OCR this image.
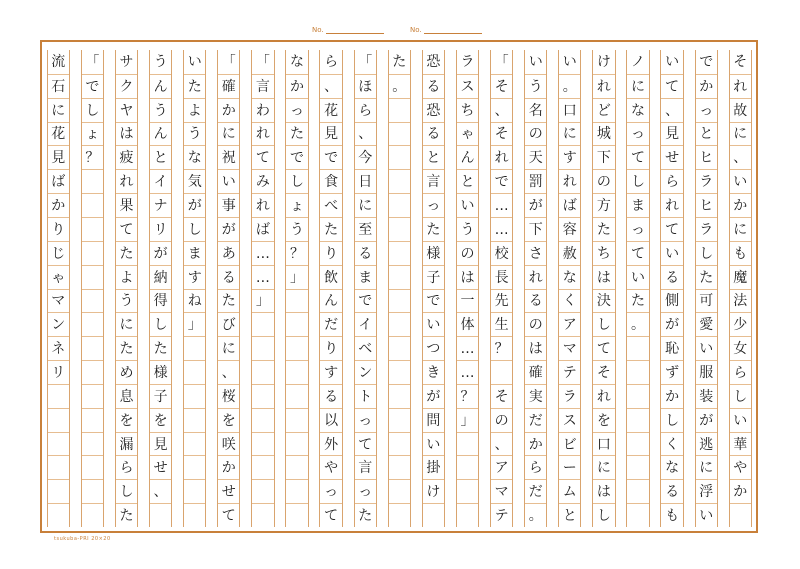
No.	No.
そ
れ
故
に
、
い
か
に
も
魔
法
少
女
ら
し
い
華
や
か
で
か
っ
と
ヒ
ラ
ヒ
ラ
し
た
可
愛
い
服
装
が
逃
に
浮
い
い
て
、
見
せ
ら
れ
て
い
る
側
が
恥
ず
か
し
く
な
る
も
ノ
に
な
っ
て
し
ま
っ
て
い
た
。
け
れ
ど
城
下
の
方
た
ち
は
決
し
て
そ
れ
を
口
に
は
し
い
。
口
に
す
れ
ば
容
赦
な
く
ア
マ
テ
ラ
ス
ビ
ー
ム
と
い
う
名
の
天
罰
が
下
さ
れ
る
の
は
確
実
だ
か
ら
だ
。
「
そ
、
そ
れ
で
…
…
校
長
先
生
？

そ
の
、
ア
マ
テ
ラ
ス
ち
ゃ
ん
と
い
う
の
は
一
体
…
…
？
」
恐
る
恐
る
と
言
っ
た
様
子
で
い
つ
き
が
問
い
掛
け
た
。
「
ほ
ら
、
今
日
に
至
る
ま
で
イ
ベ
ン
ト
っ
て
言
っ
た
ら
、
花
見
で
食
べ
た
り
飲
ん
だ
り
す
る
以
外
や
っ
て
な
か
っ
た
で
し
ょ
う
？
」
「
言
わ
れ
て
み
れ
ば
…
…
」
「
確
か
に
祝
い
事
が
あ
る
た
び
に
、
桜
を
咲
か
せ
て
い
た
よ
う
な
気
が
し
ま
す
ね
」
う
ん
う
ん
と
イ
ナ
リ
が
納
得
し
た
様
子
を
見
せ
、
サ
ク
ヤ
は
疲
れ
果
て
た
よ
う
に
た
め
息
を
漏
ら
し
た
「
で
し
ょ
？
流
石
に
花
見
ば
か
り
じ
ゃ
マ
ン
ネ
リ
tsukuba-PRI 20×20
